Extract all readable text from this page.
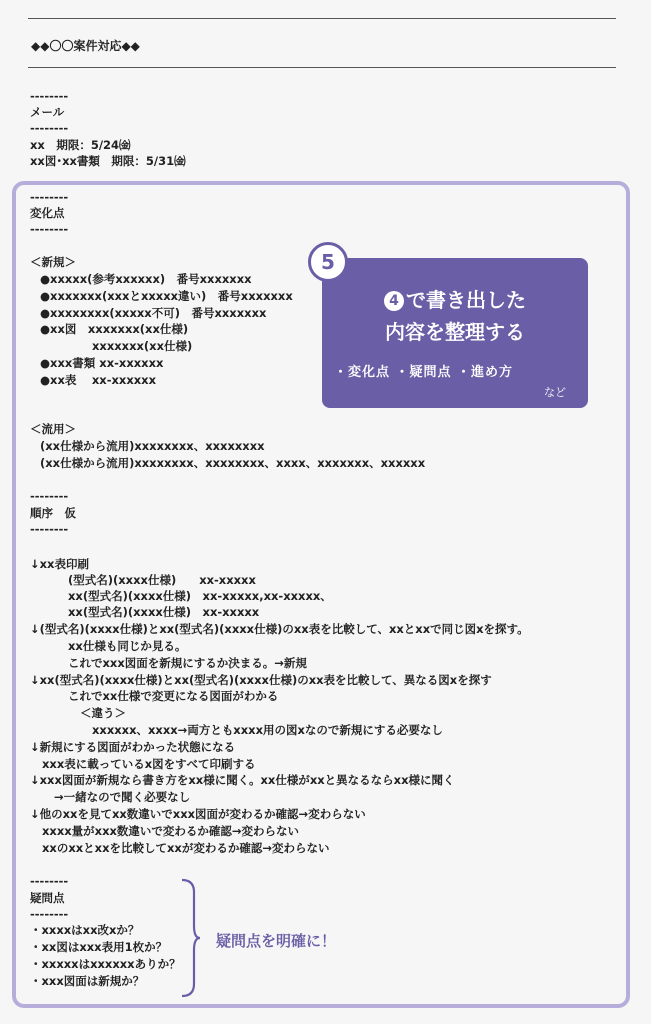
◆◆〇〇案件対応◆◆
--------
メール
--------
xx　期限：5/24㈮
xx図･xx書類　期限：5/31㈮
--------
変化点
--------
＜新規＞
●xxxxx(参考xxxxxx)　番号xxxxxxx
●xxxxxxx(xxxとxxxxx違い)　番号xxxxxxx
●xxxxxxxx(xxxxx不可)　番号xxxxxxx
●xx図　xxxxxxx(xx仕様)
xxxxxxx(xx仕様)
●xxx書類 xx-xxxxxx
●xx表　 xx-xxxxxx
＜流用＞
(xx仕様から流用)xxxxxxxx、xxxxxxxx
(xx仕様から流用)xxxxxxxx、xxxxxxxx、xxxx、xxxxxxx、xxxxxx
--------
順序　仮
--------
↓xx表印刷
(型式名)(xxxx仕様)　　xx-xxxxx
xx(型式名)(xxxx仕様)　xx-xxxxx,xx-xxxxx、
xx(型式名)(xxxx仕様)　xx-xxxxx
↓(型式名)(xxxx仕様)とxx(型式名)(xxxx仕様)のxx表を比較して、xxとxxで同じ図xを探す。
xx仕様も同じか見る。
これでxxx図面を新規にするか決まる。→新規
↓xx(型式名)(xxxx仕様)とxx(型式名)(xxxx仕様)のxx表を比較して、異なる図xを探す
これでxx仕様で変更になる図面がわかる
＜違う＞
xxxxxx、xxxx→両方ともxxxx用の図xなので新規にする必要なし
↓新規にする図面がわかった状態になる
xxx表に載っているx図をすべて印刷する
↓xxx図面が新規なら書き方をxx様に聞く。xx仕様がxxと異なるならxx様に聞く
→一緒なので聞く必要なし
↓他のxxを見てxx数違いでxxx図面が変わるか確認→変わらない
xxxx量がxxx数違いで変わるか確認→変わらない
xxのxxとxxを比較してxxが変わるか確認→変わらない
--------
疑問点
--------
・xxxxはxx改xか？
・xx図はxxx表用1枚か？
・xxxxxはxxxxxxありか？
・xxx図面は新規か？
疑問点を明確に！
5
4 で書き出した
内容を整理する
・変化点 ・疑問点 ・進め方
など
